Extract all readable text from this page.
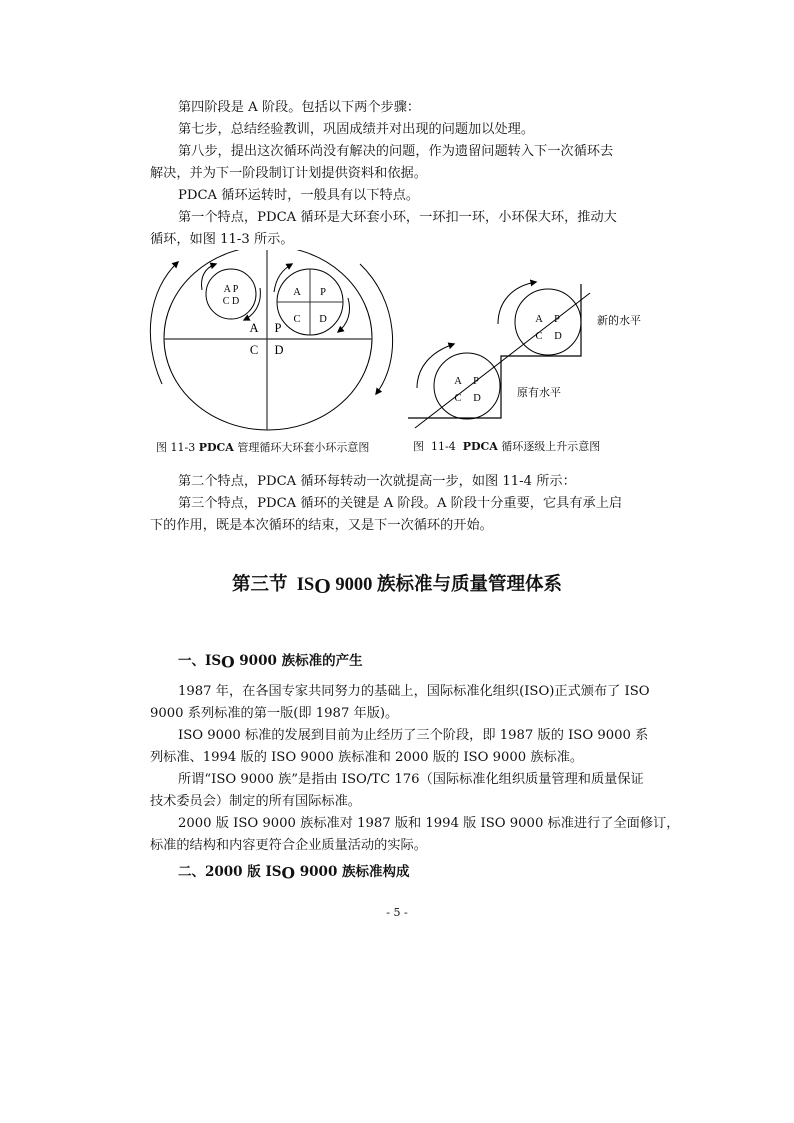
第四阶段是 A 阶段。包括以下两个步骤：
第七步，总结经验教训，巩固成绩并对出现的问题加以处理。
第八步，提出这次循环尚没有解决的问题，作为遗留问题转入下一次循环去
解决，并为下一阶段制订计划提供资料和依据。
PDCA 循环运转时，一般具有以下特点。
第一个特点，PDCA 循环是大环套小环，一环扣一环，小环保大环，推动大
循环，如图 11-3 所示。
A P
C D
A P
C D
A P
C D
图 11-3 PDCA 管理循环大环套小环示意图
A P
C D
A P
C D
新的水平
原有水平
图  11-4  PDCA 循环逐级上升示意图
第二个特点，PDCA 循环每转动一次就提高一步，如图 11-4 所示：
第三个特点，PDCA 循环的关键是 A 阶段。A 阶段十分重要，它具有承上启
下的作用，既是本次循环的结束，又是下一次循环的开始。
第三节  ISO 9000 族标准与质量管理体系
一、ISO 9000 族标准的产生
1987 年，在各国专家共同努力的基础上，国际标准化组织(ISO)正式颁布了 ISO
9000 系列标准的第一版(即 1987 年版)。
ISO 9000 标准的发展到目前为止经历了三个阶段，即 1987 版的 ISO 9000 系
列标准、1994 版的 ISO 9000 族标准和 2000 版的 ISO 9000 族标准。
所谓“ISO 9000 族”是指由 ISO/TC 176（国际标准化组织质量管理和质量保证
技术委员会）制定的所有国际标准。
2000 版 ISO 9000 族标准对 1987 版和 1994 版 ISO 9000 标准进行了全面修订，
标准的结构和内容更符合企业质量活动的实际。
二、2000 版 ISO 9000 族标准构成
- 5 -
